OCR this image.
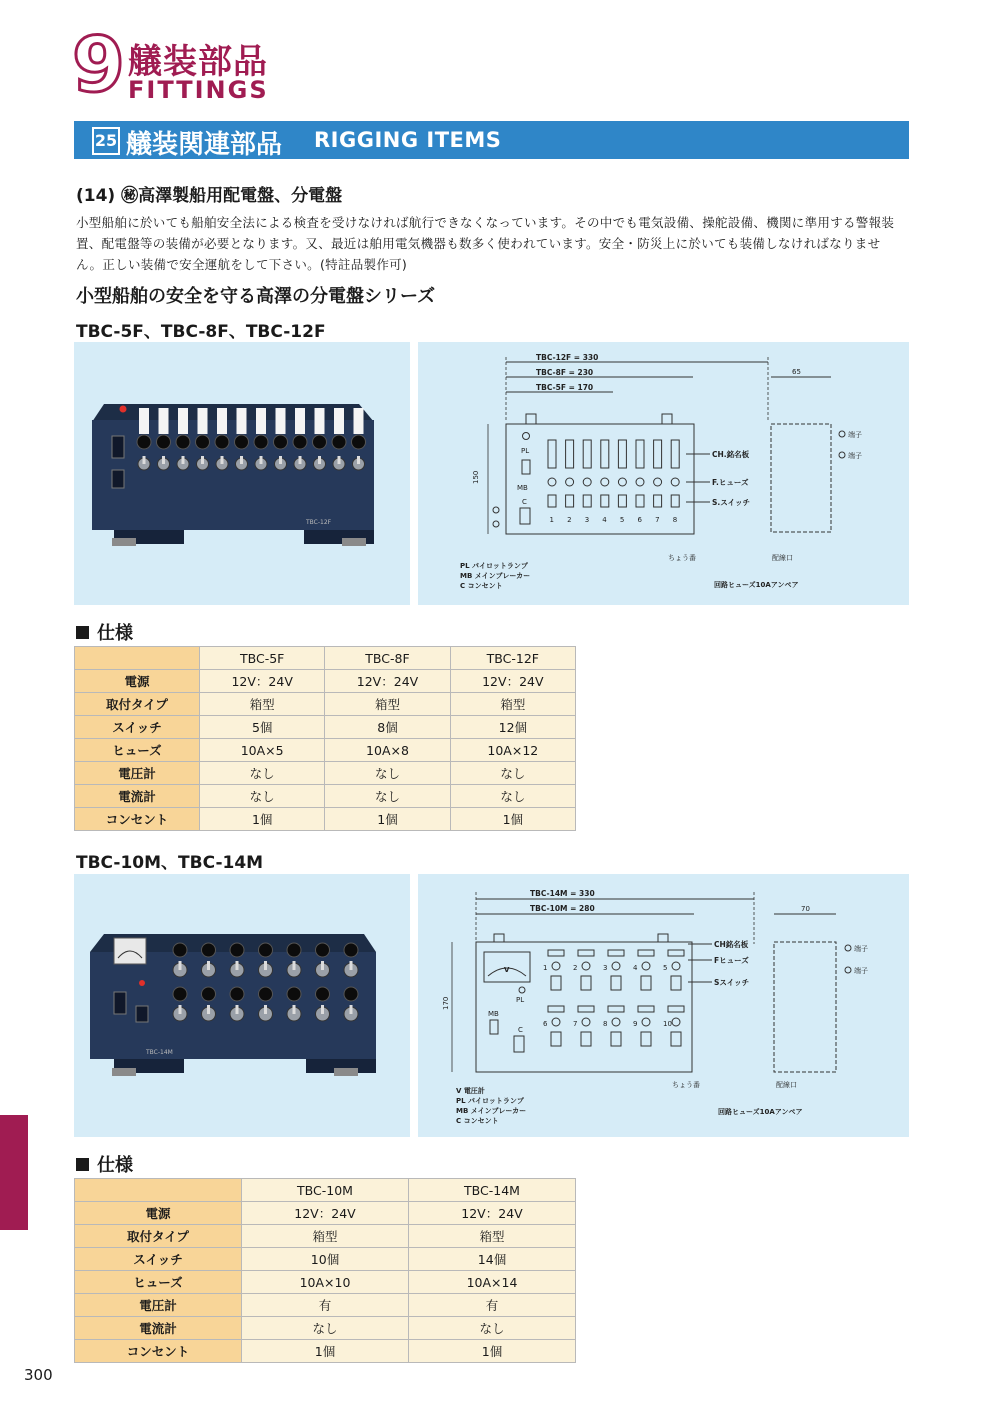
9 艤装部品
FITTINGS
25 艤装関連部品 RIGGING ITEMS
(14) ㊙高澤製船用配電盤、分電盤
小型船舶に於いても船舶安全法による検査を受けなければ航行できなくなっています。その中でも電気設備、操舵設備、機関に準用する警報装置、配電盤等の装備が必要となります。又、最近は舶用電気機器も数多く使われています。安全・防災上に於いても装備しなければなりません。正しい装備で安全運航をして下さい。(特註品製作可)
小型船舶の安全を守る高澤の分電盤シリーズ
TBC-5F、TBC-8F、TBC-12F
TBC-12F
TBC-12F = 330
TBC-8F = 230
TBC-5F = 170
150
PL
MB
C
1 2 3 4 5 6 7 8
CH.銘名板
F.ヒューズ
S.スイッチ
65
端子
端子
ちょう番	配線口
PL パイロットランプ
MB メインブレーカー
C コンセント	回路ヒューズ10Aアンペア
仕様
	TBC-5F	TBC-8F	TBC-12F
電源	12V：24V	12V：24V	12V：24V
取付タイプ	箱型	箱型	箱型
スイッチ	5個	8個	12個
ヒューズ	10A×5	10A×8	10A×12
電圧計	なし	なし	なし
電流計	なし	なし	なし
コンセント	1個	1個	1個
TBC-10M、TBC-14M
TBC-14M
TBC-14M = 330
TBC-10M = 280
170
V
PL
MB
C
1	2	3	4	5
6	7	8	9	10
CH銘名板
Fヒューズ
Sスイッチ
70
端子
端子
ちょう番	配線口
V 電圧計
PL パイロットランプ
MB メインブレーカー
C コンセント
回路ヒューズ10Aアンペア
仕様
	TBC-10M	TBC-14M
電源	12V：24V	12V：24V
取付タイプ	箱型	箱型
スイッチ	10個	14個
ヒューズ	10A×10	10A×14
電圧計	有	有
電流計	なし	なし
コンセント	1個	1個
300
